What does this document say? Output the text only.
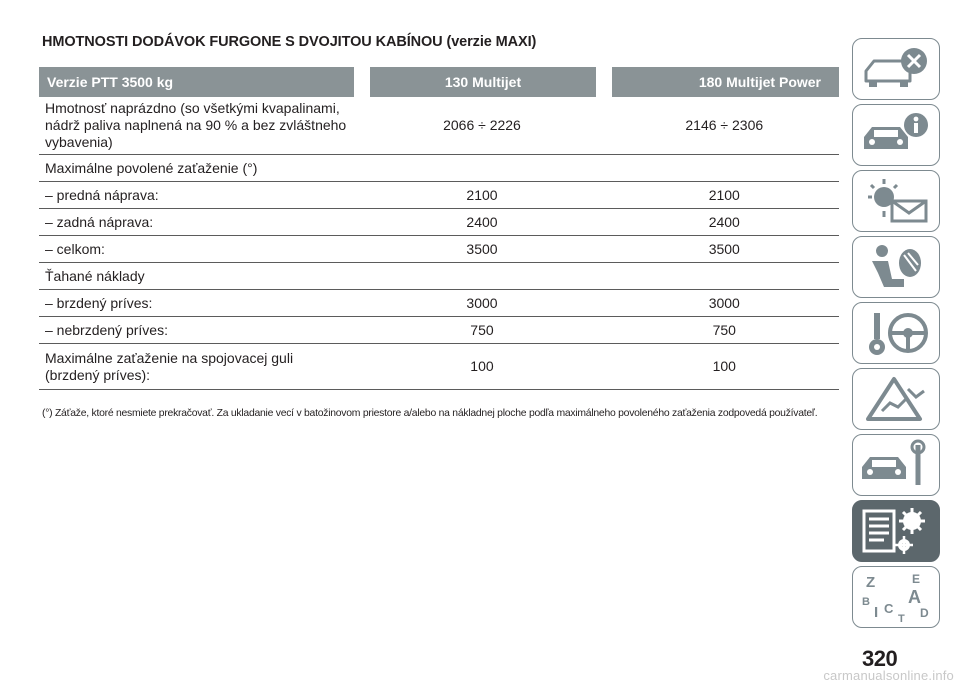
HMOTNOSTI DODÁVOK FURGONE S DVOJITOU KABÍNOU (verzie MAXI)
Verzie PTT 3500 kg		130 Multijet		180 Multijet Power
Hmotnosť naprázdno (so všetkými kvapalinami, nádrž paliva naplnená na 90 % a bez zvláštneho vybavenia)		2066 ÷ 2226		2146 ÷ 2306
Maximálne povolené zaťaženie (°)				
– predná náprava:		2100		2100
– zadná náprava:		2400		2400
– celkom:		3500		3500
Ťahané náklady				
– brzdený príves:		3000		3000
– nebrzdený príves:		750		750
Maximálne zaťaženie na spojovacej guli (brzdený príves):		100		100
(°) Záťaže, ktoré nesmiete prekračovať. Za ukladanie vecí v batožinovom priestore a/alebo na nákladnej ploche podľa maximálneho povoleného zaťaženia zodpovedá používateľ.
Z	E
B A
C D
I T
320
carmanualsonline.info
